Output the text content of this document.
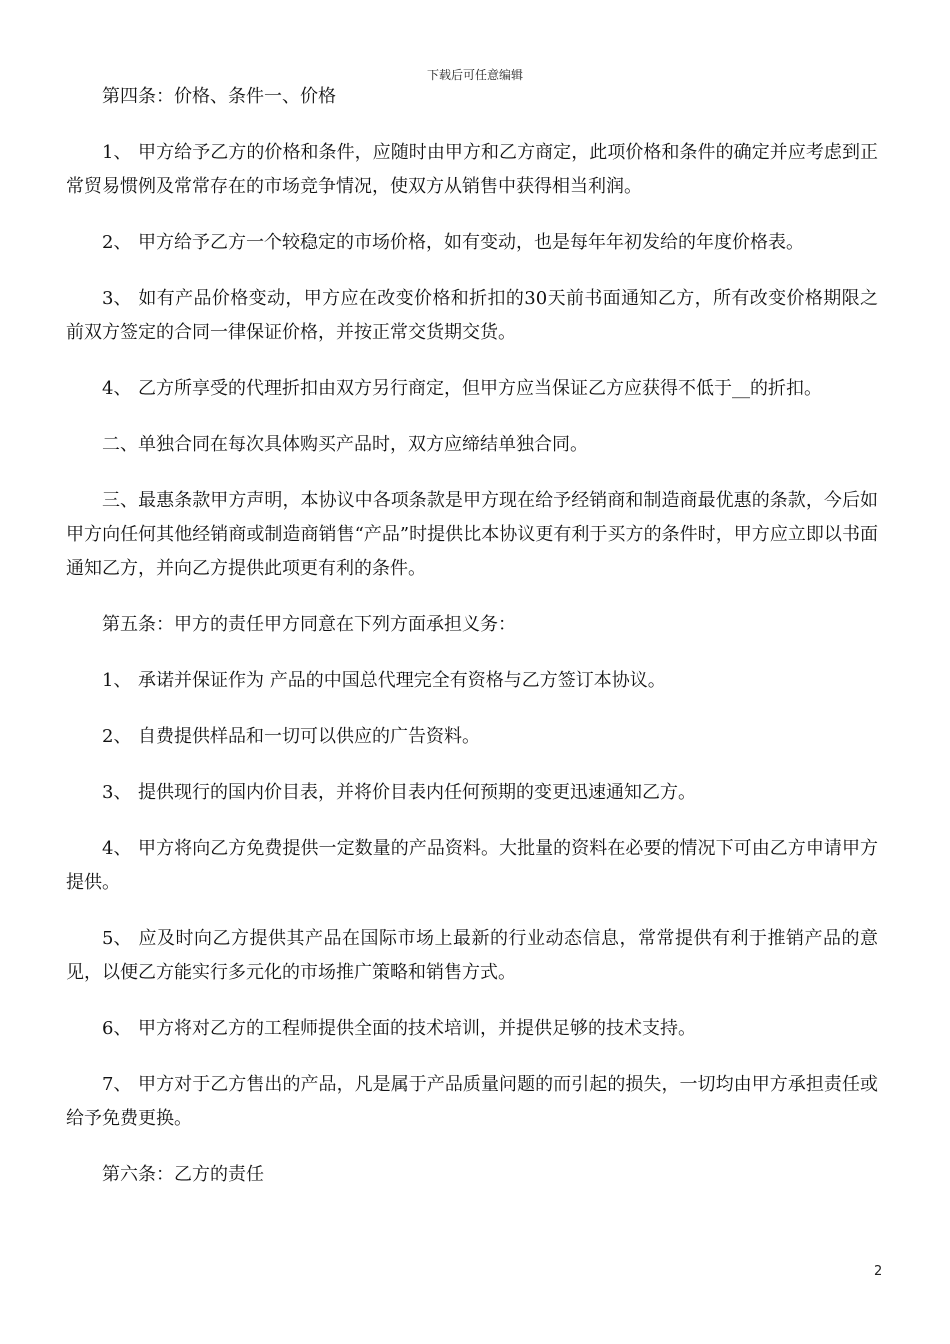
下载后可任意编辑

第四条：价格、条件一、价格

1、 甲方给予乙方的价格和条件，应随时由甲方和乙方商定，此项价格和条件的确定并应考虑到正常贸易惯例及常常存在的市场竞争情况，使双方从销售中获得相当利润。

2、 甲方给予乙方一个较稳定的市场价格，如有变动，也是每年年初发给的年度价格表。

3、 如有产品价格变动，甲方应在改变价格和折扣的30天前书面通知乙方，所有改变价格期限之前双方签定的合同一律保证价格，并按正常交货期交货。

4、 乙方所享受的代理折扣由双方另行商定，但甲方应当保证乙方应获得不低于__的折扣。

二、单独合同在每次具体购买产品时，双方应缔结单独合同。

三、最惠条款甲方声明，本协议中各项条款是甲方现在给予经销商和制造商最优惠的条款，今后如甲方向任何其他经销商或制造商销售“产品”时提供比本协议更有利于买方的条件时，甲方应立即以书面通知乙方，并向乙方提供此项更有利的条件。

第五条：甲方的责任甲方同意在下列方面承担义务：

1、 承诺并保证作为 产品的中国总代理完全有资格与乙方签订本协议。

2、 自费提供样品和一切可以供应的广告资料。

3、 提供现行的国内价目表，并将价目表内任何预期的变更迅速通知乙方。

4、 甲方将向乙方免费提供一定数量的产品资料。大批量的资料在必要的情况下可由乙方申请甲方提供。

5、 应及时向乙方提供其产品在国际市场上最新的行业动态信息，常常提供有利于推销产品的意见，以便乙方能实行多元化的市场推广策略和销售方式。

6、 甲方将对乙方的工程师提供全面的技术培训，并提供足够的技术支持。

7、 甲方对于乙方售出的产品，凡是属于产品质量问题的而引起的损失，一切均由甲方承担责任或给予免费更换。

第六条：乙方的责任

2
